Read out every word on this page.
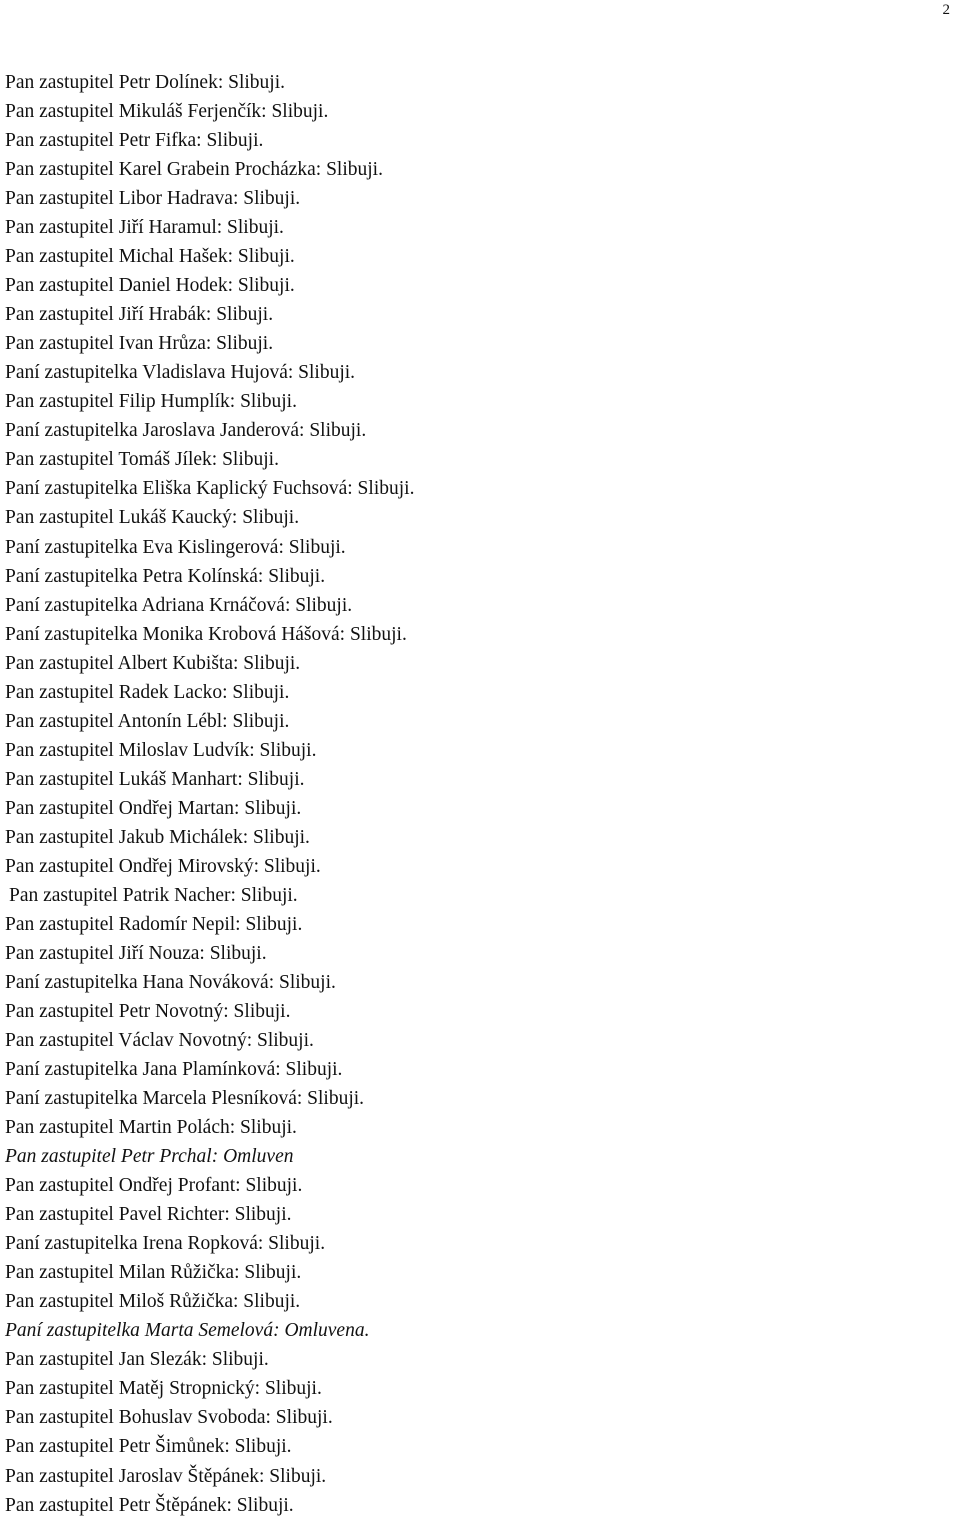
2
Pan zastupitel Petr Dolínek: Slibuji.
Pan zastupitel Mikuláš Ferjenčík: Slibuji.
Pan zastupitel Petr Fifka: Slibuji.
Pan zastupitel Karel Grabein Procházka: Slibuji.
Pan zastupitel Libor Hadrava: Slibuji.
Pan zastupitel Jiří Haramul: Slibuji.
Pan zastupitel Michal Hašek: Slibuji.
Pan zastupitel Daniel Hodek: Slibuji.
Pan zastupitel Jiří Hrabák: Slibuji.
Pan zastupitel Ivan Hrůza: Slibuji.
Paní zastupitelka Vladislava Hujová: Slibuji.
Pan zastupitel Filip Humplík: Slibuji.
Paní zastupitelka Jaroslava Janderová: Slibuji.
Pan zastupitel Tomáš Jílek: Slibuji.
Paní zastupitelka Eliška Kaplický Fuchsová: Slibuji.
Pan zastupitel Lukáš Kaucký: Slibuji.
Paní zastupitelka Eva Kislingerová: Slibuji.
Paní zastupitelka Petra Kolínská: Slibuji.
Paní zastupitelka Adriana Krnáčová: Slibuji.
Paní zastupitelka Monika Krobová Hášová: Slibuji.
Pan zastupitel Albert Kubišta: Slibuji.
Pan zastupitel Radek Lacko: Slibuji.
Pan zastupitel Antonín Lébl: Slibuji.
Pan zastupitel Miloslav Ludvík: Slibuji.
Pan zastupitel Lukáš Manhart: Slibuji.
Pan zastupitel Ondřej Martan: Slibuji.
Pan zastupitel Jakub Michálek: Slibuji.
Pan zastupitel Ondřej Mirovský: Slibuji.
Pan zastupitel Patrik Nacher: Slibuji.
Pan zastupitel Radomír Nepil: Slibuji.
Pan zastupitel Jiří Nouza: Slibuji.
Paní zastupitelka Hana Nováková: Slibuji.
Pan zastupitel Petr Novotný: Slibuji.
Pan zastupitel Václav Novotný: Slibuji.
Paní zastupitelka Jana Plamínková: Slibuji.
Paní zastupitelka Marcela Plesníková: Slibuji.
Pan zastupitel Martin Polách: Slibuji.
Pan zastupitel Petr Prchal: Omluven
Pan zastupitel Ondřej Profant: Slibuji.
Pan zastupitel Pavel Richter: Slibuji.
Paní zastupitelka Irena Ropková: Slibuji.
Pan zastupitel Milan Růžička: Slibuji.
Pan zastupitel Miloš Růžička: Slibuji.
Paní zastupitelka Marta Semelová: Omluvena.
Pan zastupitel Jan Slezák: Slibuji.
Pan zastupitel Matěj Stropnický: Slibuji.
Pan zastupitel Bohuslav Svoboda: Slibuji.
Pan zastupitel Petr Šimůnek: Slibuji.
Pan zastupitel Jaroslav Štěpánek: Slibuji.
Pan zastupitel Petr Štěpánek: Slibuji.
